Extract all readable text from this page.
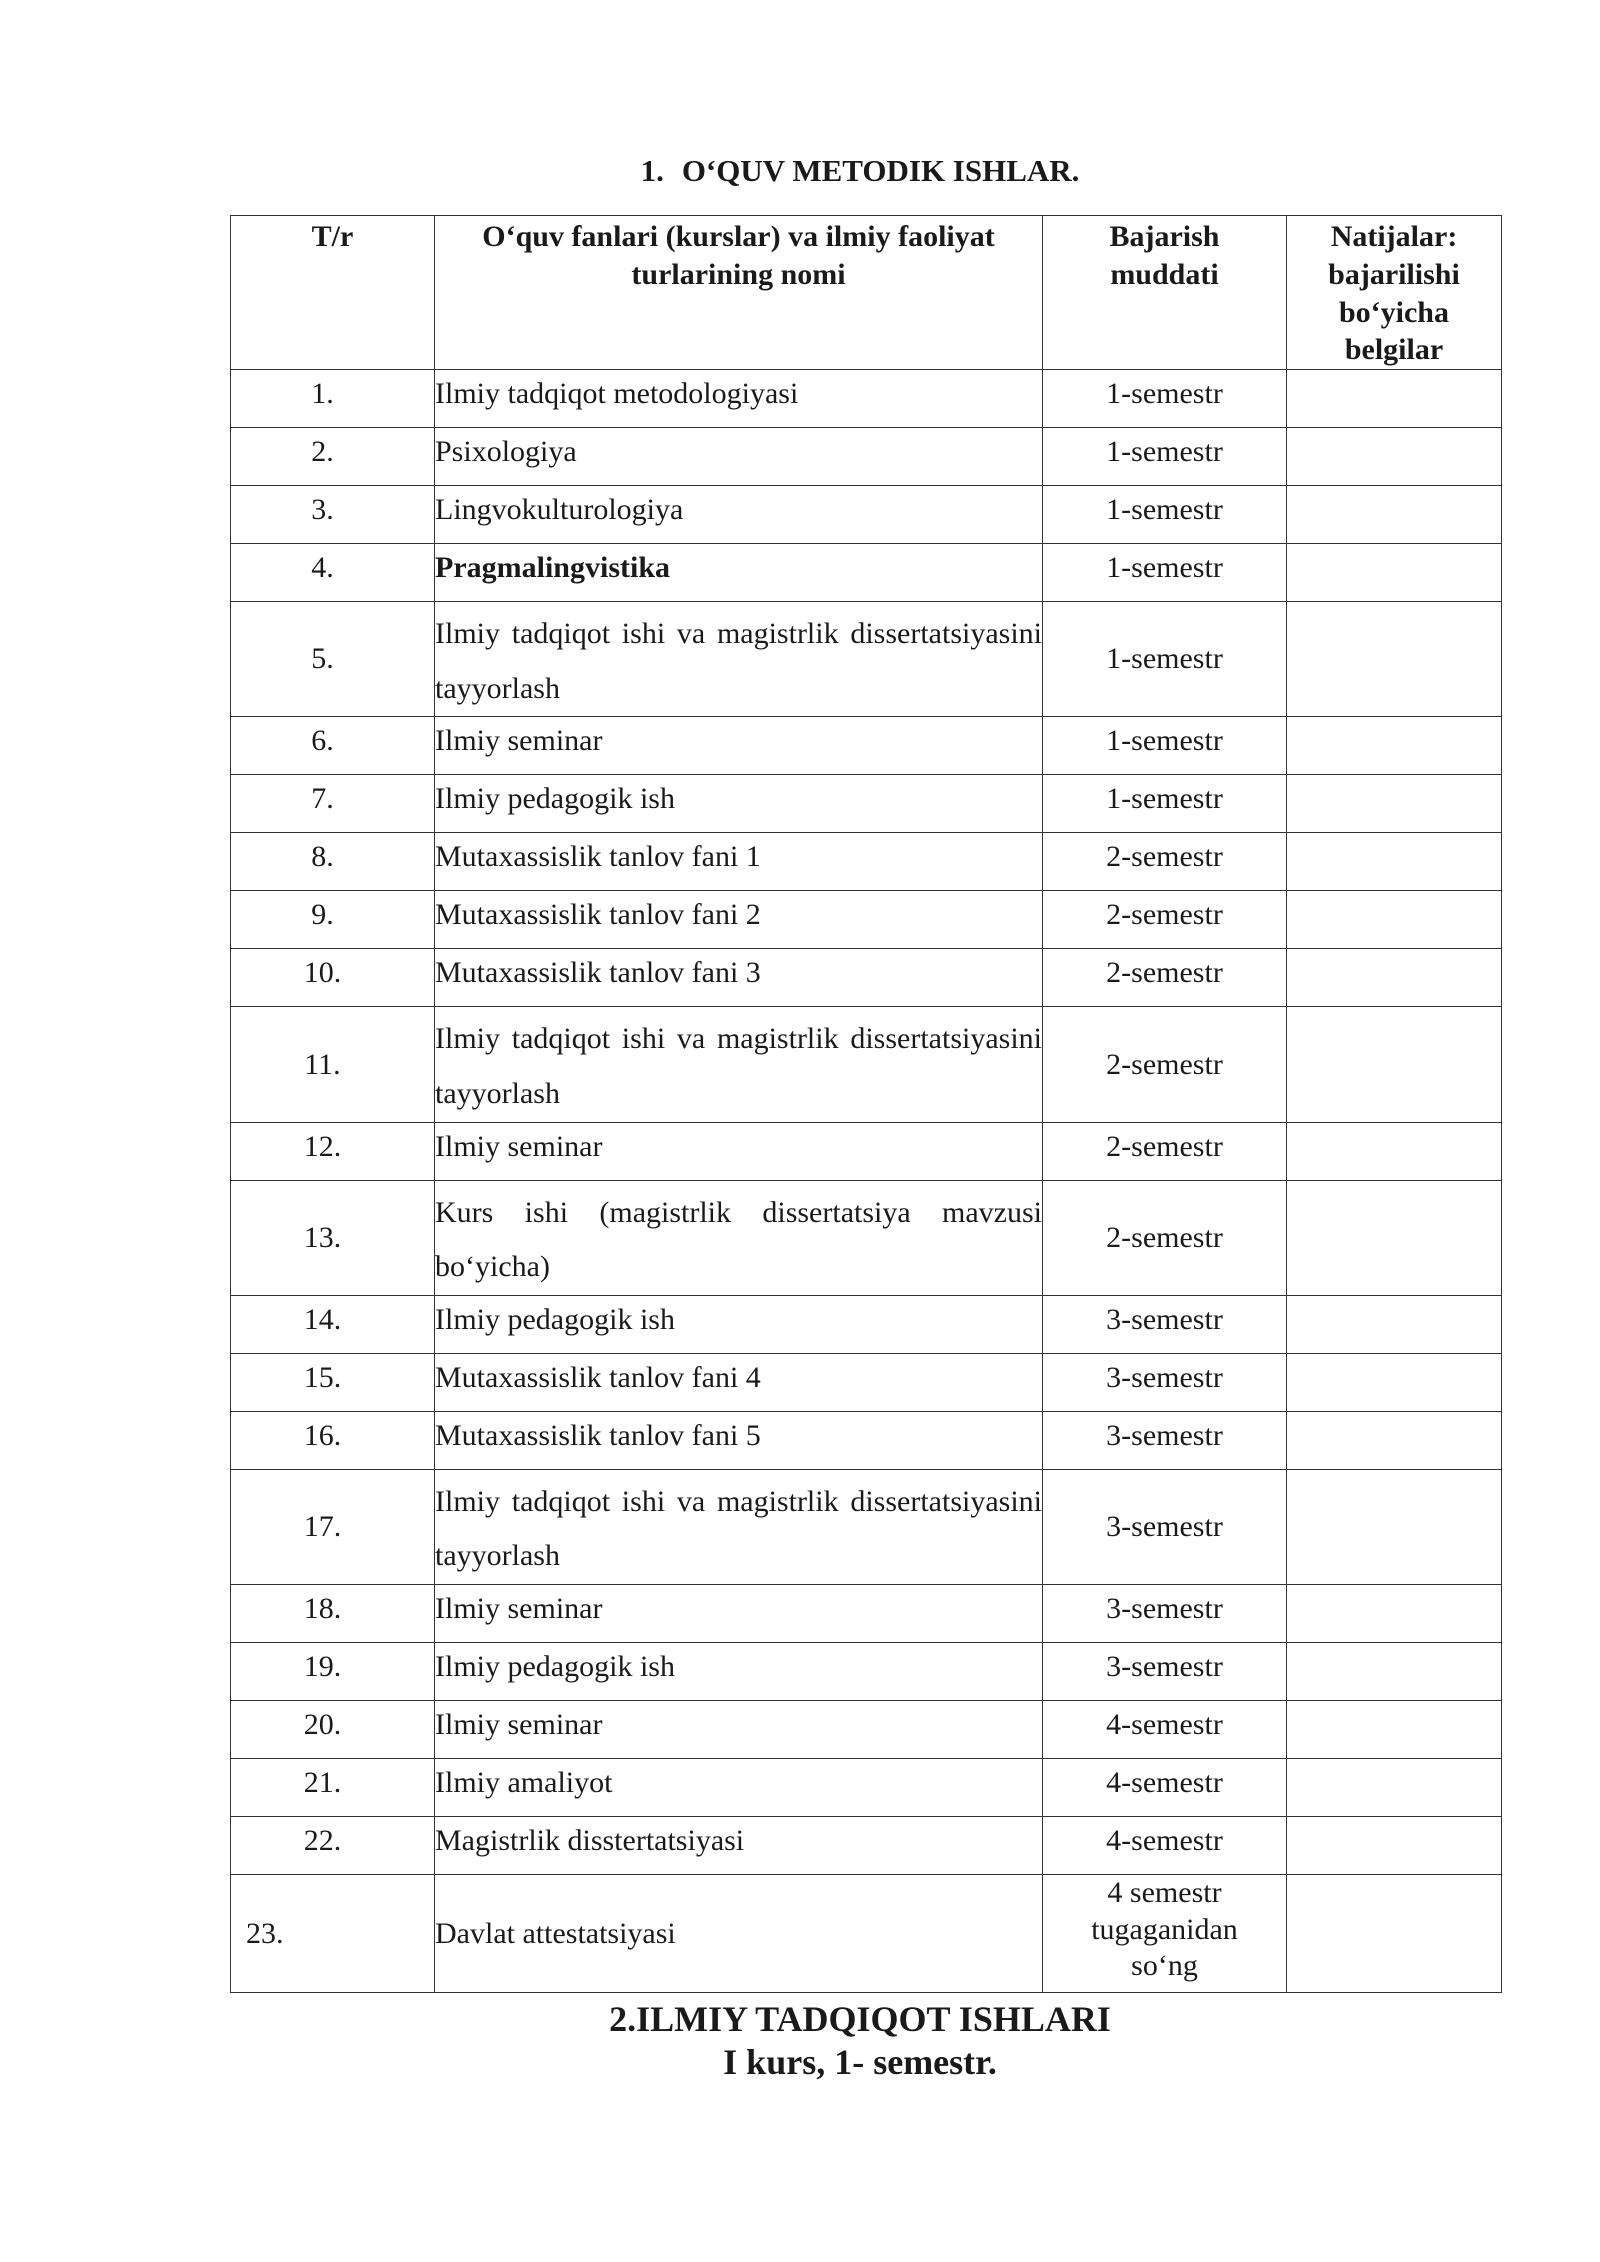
1. O‘QUV METODIK ISHLAR.
T/r	O‘quv fanlari (kurslar) va ilmiy faoliyat turlarining nomi	Bajarish muddati	Natijalar: bajarilishi bo‘yicha belgilar
1.	Ilmiy tadqiqot metodologiyasi	1-semestr	
2.	Psixologiya	1-semestr	
3.	Lingvokulturologiya	1-semestr	
4.	Pragmalingvistika	1-semestr	
5.	Ilmiy tadqiqot ishi va magistrlik dissertatsiyasini tayyorlash	1-semestr	
6.	Ilmiy seminar	1-semestr	
7.	Ilmiy pedagogik ish	1-semestr	
8.	Mutaxassislik tanlov fani 1	2-semestr	
9.	Mutaxassislik tanlov fani 2	2-semestr	
10.	Mutaxassislik tanlov fani 3	2-semestr	
11.	Ilmiy tadqiqot ishi va magistrlik dissertatsiyasini tayyorlash	2-semestr	
12.	Ilmiy seminar	2-semestr	
13.	Kurs ishi (magistrlik dissertatsiya mavzusi bo‘yicha)	2-semestr	
14.	Ilmiy pedagogik ish	3-semestr	
15.	Mutaxassislik tanlov fani 4	3-semestr	
16.	Mutaxassislik tanlov fani 5	3-semestr	
17.	Ilmiy tadqiqot ishi va magistrlik dissertatsiyasini tayyorlash	3-semestr	
18.	Ilmiy seminar	3-semestr	
19.	Ilmiy pedagogik ish	3-semestr	
20.	Ilmiy seminar	4-semestr	
21.	Ilmiy amaliyot	4-semestr	
22.	Magistrlik disstertatsiyasi	4-semestr	
23.	Davlat attestatsiyasi	4 semestr tugaganidan so‘ng	
2.ILMIY TADQIQOT ISHLARI
I kurs, 1- semestr.
